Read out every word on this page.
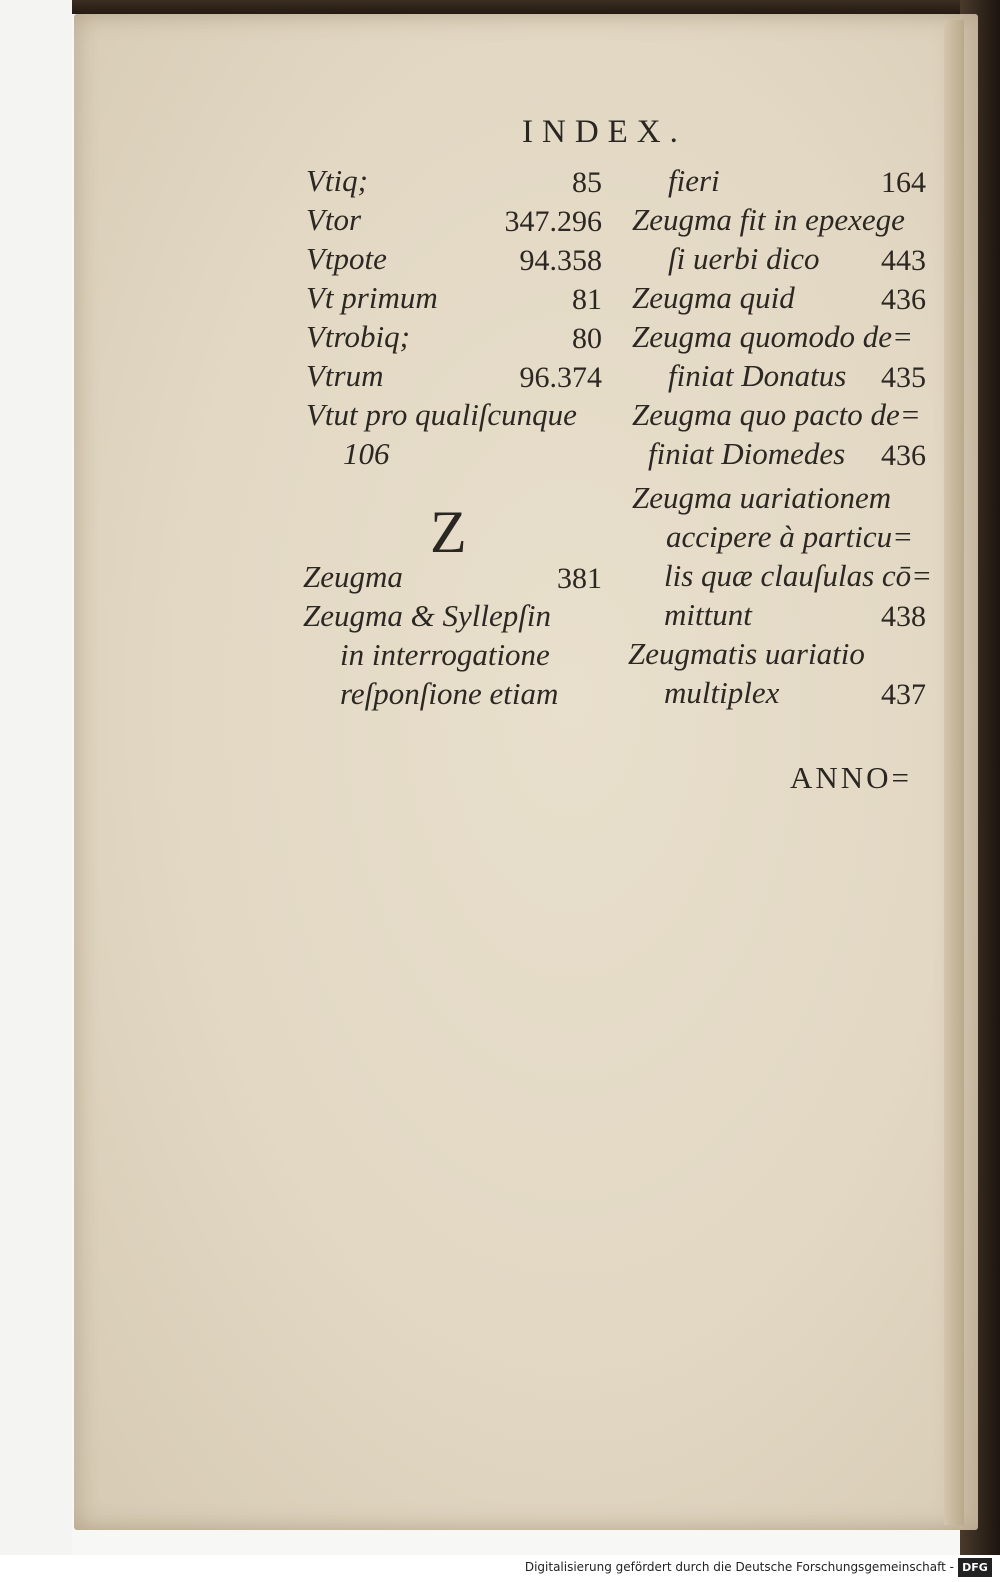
INDEX.
Vtiq;	85
Vtor	347.296
Vtpote	94.358
Vt primum	81
Vtrobiq;	80
Vtrum	96.374
Vtut pro qualiſcunque
106
Z
Zeugma	381
Zeugma & Syllepſin
in interrogatione
reſponſione etiam
fieri	164
Zeugma fit in epexege
ſi uerbi dico	443
Zeugma quid	436
Zeugma quomodo de=
finiat Donatus	435
Zeugma quo pacto de=
finiat Diomedes	436
Zeugma uariationem
accipere à particu=
lis quæ clauſulas cō=
mittunt	438
Zeugmatis uariatio
multiplex	437
ANNO=
Digitalisierung gefördert durch die Deutsche Forschungsgemeinschaft - DFG
